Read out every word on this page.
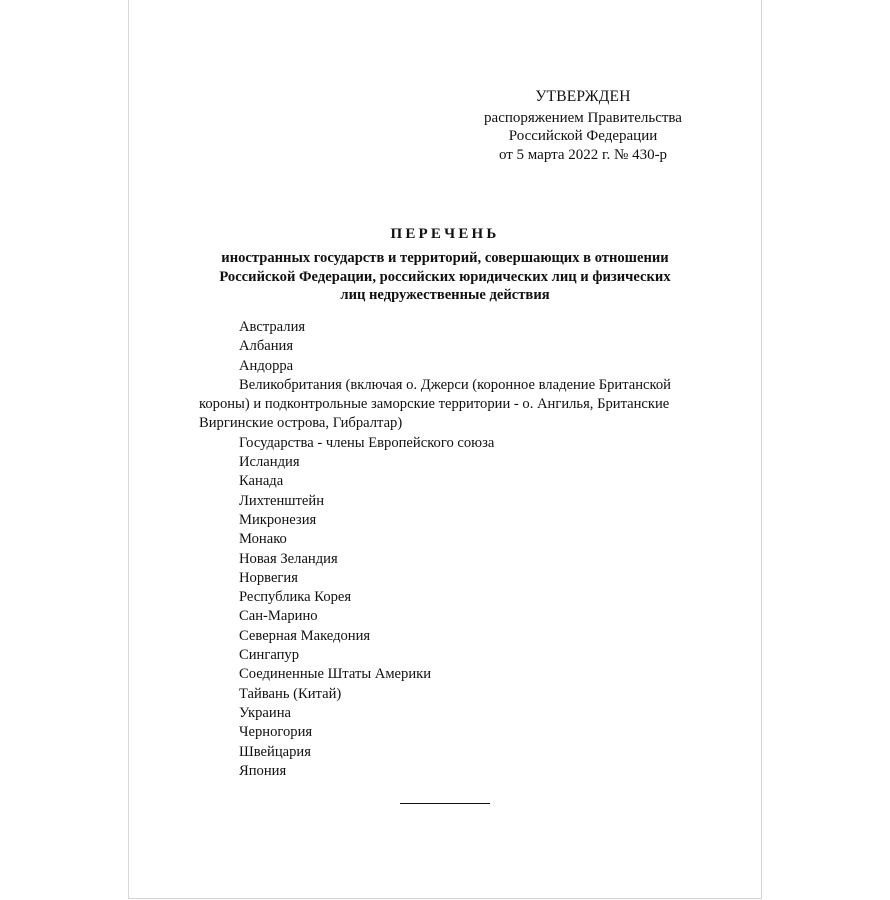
УТВЕРЖДЕН
распоряжением Правительства
Российской Федерации
от 5 марта 2022 г. № 430-р
ПЕРЕЧЕНЬ
иностранных государств и территорий, совершающих в отношении
Российской Федерации, российских юридических лиц и физических
лиц недружественные действия
Австралия
Албания
Андорра
Великобритания (включая о. Джерси (коронное владение Британской короны) и подконтрольные заморские территории - о. Ангилья, Британские Виргинские острова, Гибралтар)
Государства - члены Европейского союза
Исландия
Канада
Лихтенштейн
Микронезия
Монако
Новая Зеландия
Норвегия
Республика Корея
Сан-Марино
Северная Македония
Сингапур
Соединенные Штаты Америки
Тайвань (Китай)
Украина
Черногория
Швейцария
Япония
